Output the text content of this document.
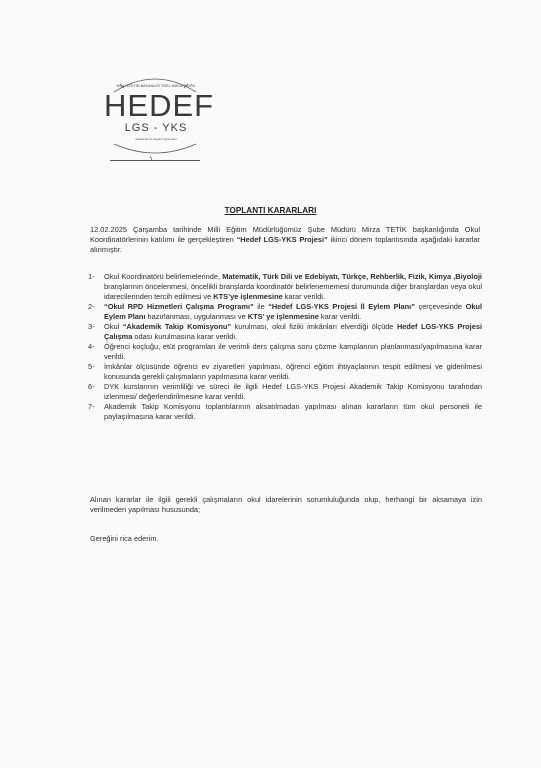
MİLLİ EĞİTİM BAKANLIĞI ÖZEL MÜDÜRLÜĞÜ
HEDEF
LGS - YKS
akademik ve başarılı öğrenciler
TOPLANTI KARARLARI

12.02.2025 Çarşamba tarihinde Milli Eğitim Müdürlüğümüz Şube Müdürü Mirza TETİK başkanlığında Okul Koordinatörlerinin katılımı ile gerçekleştiren “Hedef LGS-YKS Projesi” ikinci dönem toplantısında aşağıdaki kararlar alınmıştır.

1- Okul Koordinatörü belirlemelerinde, Matematik, Türk Dili ve Edebiyatı, Türkçe, Rehberlik, Fizik, Kimya ,Biyoloji branşlarının öncelenmesi, öncelikli branşlarda koordinatör belirlenememesi durumunda diğer branşlardan veya okul idarecilerinden tercih edilmesi ve KTS’ye işlenmesine karar verildi.
2- “Okul RPD Hizmetleri Çalışma Programı” ile “Hedef LGS-YKS Projesi İl Eylem Planı” çerçevesinde Okul Eylem Planı hazırlanması, uygulanması ve KTS’ ye işlenmesine karar verildi.
3- Okul “Akademik Takip Komisyonu” kurulması, okul fiziki imkânları elverdiği ölçüde Hedef LGS-YKS Projesi Çalışma odası kurulmasına karar verildi.
4- Öğrenci koçluğu, etüt programları ile verimli ders çalışma soru çözme kamplarının planlanması/yapılmasına karar verildi.
5- İmkânlar ölçüsünde öğrenci ev ziyaretleri yapılması, öğrenci eğitim ihtiyaçlarının tespit edilmesi ve giderilmesi konusunda gerekli çalışmaların yapılmasına karar verildi.
6- DYK kurslarının verimliliği ve süreci ile ilgili Hedef LGS-YKS Projesi Akademik Takip Komisyonu tarafından izlenmesi/ değerlendirilmesine karar verildi.
7- Akademik Takip Komisyonu toplantılarının aksatılmadan yapılması alınan kararların tüm okul personeli ile paylaşılmasına karar verildi.

Alınan kararlar ile ilgili gerekli çalışmaların okul idarelerinin sorumluluğunda olup, herhangi bir aksamaya izin verilmeden yapılması hususunda;

Gereğini rica ederim.
